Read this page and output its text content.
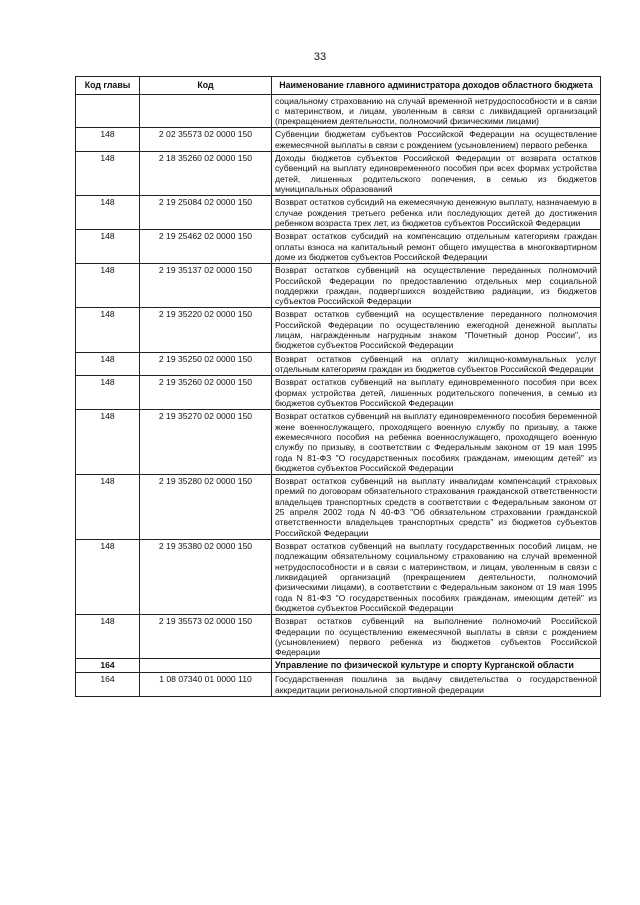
33
Код главы	Код	Наименование главного администратора доходов областного бюджета
		социальному страхованию на случай временной нетрудоспособности и в связи с материнством, и лицам, уволенным в связи с ликвидацией организаций (прекращением деятельности, полномочий физическими лицами)
148	2 02 35573 02 0000 150	Субвенции бюджетам субъектов Российской Федерации на осуществление ежемесячной выплаты в связи с рождением (усыновлением) первого ребенка
148	2 18 35260 02 0000 150	Доходы бюджетов субъектов Российской Федерации от возврата остатков субвенций на выплату единовременного пособия при всех формах устройства детей, лишенных родительского попечения, в семью из бюджетов муниципальных образований
148	2 19 25084 02 0000 150	Возврат остатков субсидий на ежемесячную денежную выплату, назначаемую в случае рождения третьего ребенка или последующих детей до достижения ребенком возраста трех лет, из бюджетов субъектов Российской Федерации
148	2 19 25462 02 0000 150	Возврат остатков субсидий на компенсацию отдельным категориям граждан оплаты взноса на капитальный ремонт общего имущества в многоквартирном доме из бюджетов субъектов Российской Федерации
148	2 19 35137 02 0000 150	Возврат остатков субвенций на осуществление переданных полномочий Российской Федерации по предоставлению отдельных мер социальной поддержки граждан, подвергшихся воздействию радиации, из бюджетов субъектов Российской Федерации
148	2 19 35220 02 0000 150	Возврат остатков субвенций на осуществление переданного полномочия Российской Федерации по осуществлению ежегодной денежной выплаты лицам, награжденным нагрудным знаком "Почетный донор России", из бюджетов субъектов Российской Федерации
148	2 19 35250 02 0000 150	Возврат остатков субвенций на оплату жилищно-коммунальных услуг отдельным категориям граждан из бюджетов субъектов Российской Федерации
148	2 19 35260 02 0000 150	Возврат остатков субвенций на выплату единовременного пособия при всех формах устройства детей, лишенных родительского попечения, в семью из бюджетов субъектов Российской Федерации
148	2 19 35270 02 0000 150	Возврат остатков субвенций на выплату единовременного пособия беременной жене военнослужащего, проходящего военную службу по призыву, а также ежемесячного пособия на ребенка военнослужащего, проходящего военную службу по призыву, в соответствии с Федеральным законом от 19 мая 1995 года N 81-ФЗ "О государственных пособиях гражданам, имеющим детей" из бюджетов субъектов Российской Федерации
148	2 19 35280 02 0000 150	Возврат остатков субвенций на выплату инвалидам компенсаций страховых премий по договорам обязательного страхования гражданской ответственности владельцев транспортных средств в соответствии с Федеральным законом от 25 апреля 2002 года N 40-ФЗ "Об обязательном страховании гражданской ответственности владельцев транспортных средств" из бюджетов субъектов Российской Федерации
148	2 19 35380 02 0000 150	Возврат остатков субвенций на выплату государственных пособий лицам, не подлежащим обязательному социальному страхованию на случай временной нетрудоспособности и в связи с материнством, и лицам, уволенным в связи с ликвидацией организаций (прекращением деятельности, полномочий физическими лицами), в соответствии с Федеральным законом от 19 мая 1995 года N 81-ФЗ "О государственных пособиях гражданам, имеющим детей" из бюджетов субъектов Российской Федерации
148	2 19 35573 02 0000 150	Возврат остатков субвенций на выполнение полномочий Российской Федерации по осуществлению ежемесячной выплаты в связи с рождением (усыновлением) первого ребенка из бюджетов субъектов Российской Федерации
164		Управление по физической культуре и спорту Курганской области
164	1 08 07340 01 0000 110	Государственная пошлина за выдачу свидетельства о государственной аккредитации региональной спортивной федерации
